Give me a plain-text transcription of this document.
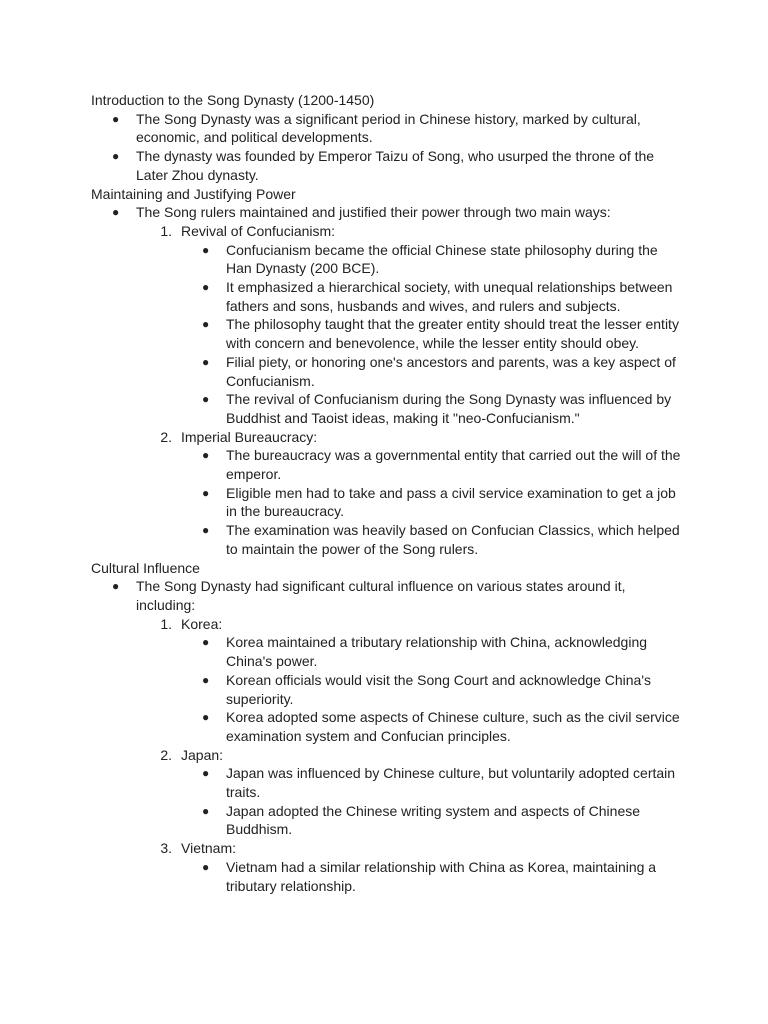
Introduction to the Song Dynasty (1200-1450)
● The Song Dynasty was a significant period in Chinese history, marked by cultural,
economic, and political developments.
● The dynasty was founded by Emperor Taizu of Song, who usurped the throne of the
Later Zhou dynasty.
Maintaining and Justifying Power
● The Song rulers maintained and justified their power through two main ways:
1. Revival of Confucianism:
● Confucianism became the official Chinese state philosophy during the
Han Dynasty (200 BCE).
● It emphasized a hierarchical society, with unequal relationships between
fathers and sons, husbands and wives, and rulers and subjects.
● The philosophy taught that the greater entity should treat the lesser entity
with concern and benevolence, while the lesser entity should obey.
● Filial piety, or honoring one's ancestors and parents, was a key aspect of
Confucianism.
● The revival of Confucianism during the Song Dynasty was influenced by
Buddhist and Taoist ideas, making it "neo-Confucianism."
2. Imperial Bureaucracy:
● The bureaucracy was a governmental entity that carried out the will of the
emperor.
● Eligible men had to take and pass a civil service examination to get a job
in the bureaucracy.
● The examination was heavily based on Confucian Classics, which helped
to maintain the power of the Song rulers.
Cultural Influence
● The Song Dynasty had significant cultural influence on various states around it,
including:
1. Korea:
● Korea maintained a tributary relationship with China, acknowledging
China's power.
● Korean officials would visit the Song Court and acknowledge China's
superiority.
● Korea adopted some aspects of Chinese culture, such as the civil service
examination system and Confucian principles.
2. Japan:
● Japan was influenced by Chinese culture, but voluntarily adopted certain
traits.
● Japan adopted the Chinese writing system and aspects of Chinese
Buddhism.
3. Vietnam:
● Vietnam had a similar relationship with China as Korea, maintaining a
tributary relationship.
